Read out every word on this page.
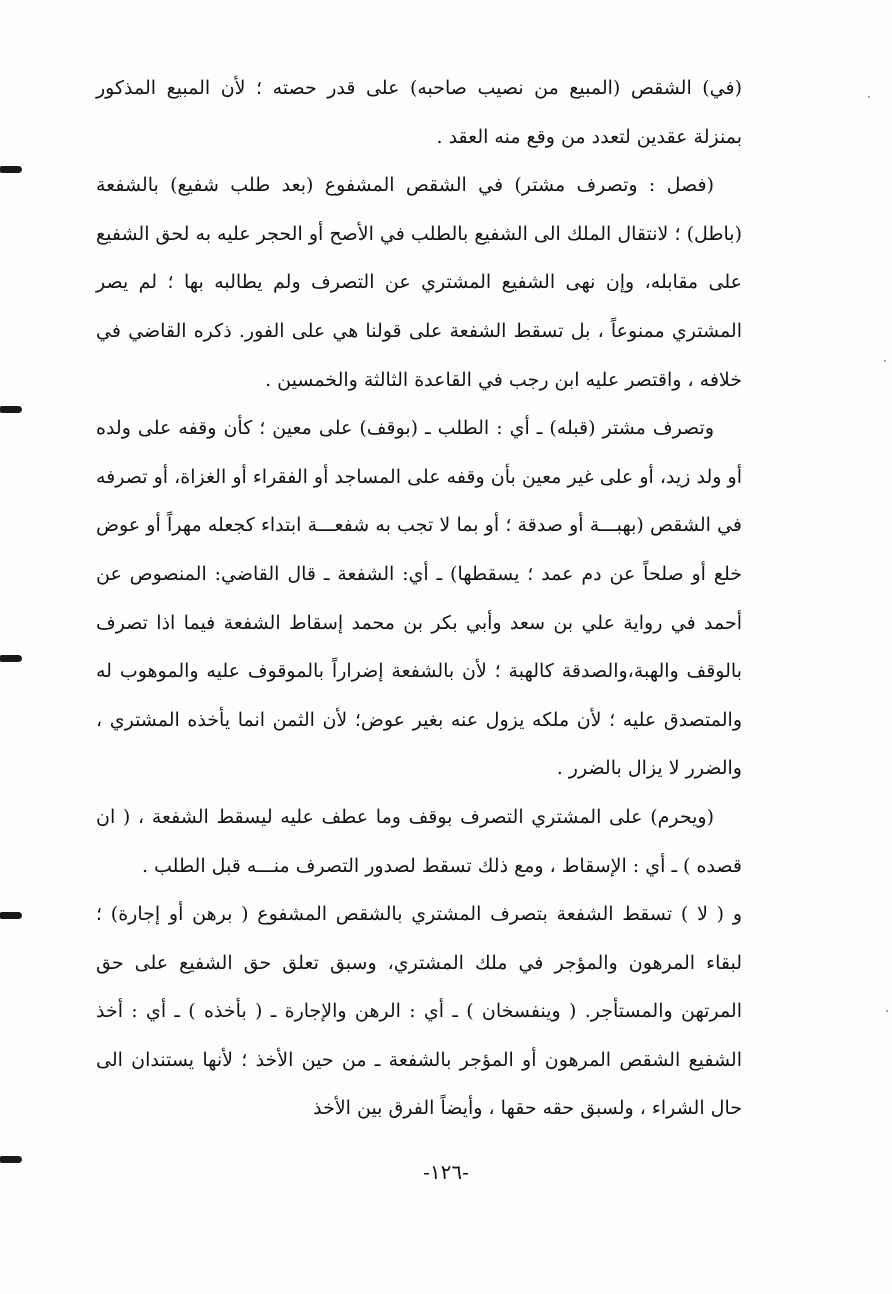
(في) الشقص (المبيع من نصيب صاحبه) على قدر حصته ؛ لأن المبيع المذكور بمنزلة عقدين لتعدد من وقع منه العقد .

(فصل : وتصرف مشتر) في الشقص المشفوع (بعد طلب شفيع) بالشفعة (باطل) ؛ لانتقال الملك الى الشفيع بالطلب في الأصح أو الحجر عليه به لحق الشفيع على مقابله، وإن نهى الشفيع المشتري عن التصرف ولم يطالبه بها ؛ لم يصر المشتري ممنوعاً ، بل تسقط الشفعة على قولنا هي على الفور. ذكره القاضي في خلافه ، واقتصر عليه ابن رجب في القاعدة الثالثة والخمسين .

وتصرف مشتر (قبله) ـ أي : الطلب ـ (بوقف) على معين ؛ كأن وقفه على ولده أو ولد زيد، أو على غير معين بأن وقفه على المساجد أو الفقراء أو الغزاة، أو تصرفه في الشقص (بهبـــة أو صدقة ؛ أو بما لا تجب به شفعـــة ابتداء كجعله مهراً أو عوض خلع أو صلحاً عن دم عمد ؛ يسقطها) ـ أي: الشفعة ـ قال القاضي: المنصوص عن أحمد في رواية علي بن سعد وأبي بكر بن محمد إسقاط الشفعة فيما اذا تصرف بالوقف والهبة،والصدقة كالهبة ؛ لأن بالشفعة إضراراً بالموقوف عليه والموهوب له والمتصدق عليه ؛ لأن ملكه يزول عنه بغير عوض؛ لأن الثمن انما يأخذه المشتري ، والضرر لا يزال بالضرر .

(ويحرم) على المشتري التصرف بوقف وما عطف عليه ليسقط الشفعة ، ( ان قصده ) ـ أي : الإسقاط ، ومع ذلك تسقط لصدور التصرف منـــه قبل الطلب .

و ( لا ) تسقط الشفعة بتصرف المشتري بالشقص المشفوع ( برهن أو إجارة) ؛ لبقاء المرهون والمؤجر في ملك المشتري، وسبق تعلق حق الشفيع على حق المرتهن والمستأجر. ( وينفسخان ) ـ أي : الرهن والإجارة ـ ( بأخذه ) ـ أي : أخذ الشفيع الشقص المرهون أو المؤجر بالشفعة ـ من حين الأخذ ؛ لأنها يستندان الى حال الشراء ، ولسبق حقه حقها ، وأيضاً الفرق بين الأخذ

-١٢٦-
